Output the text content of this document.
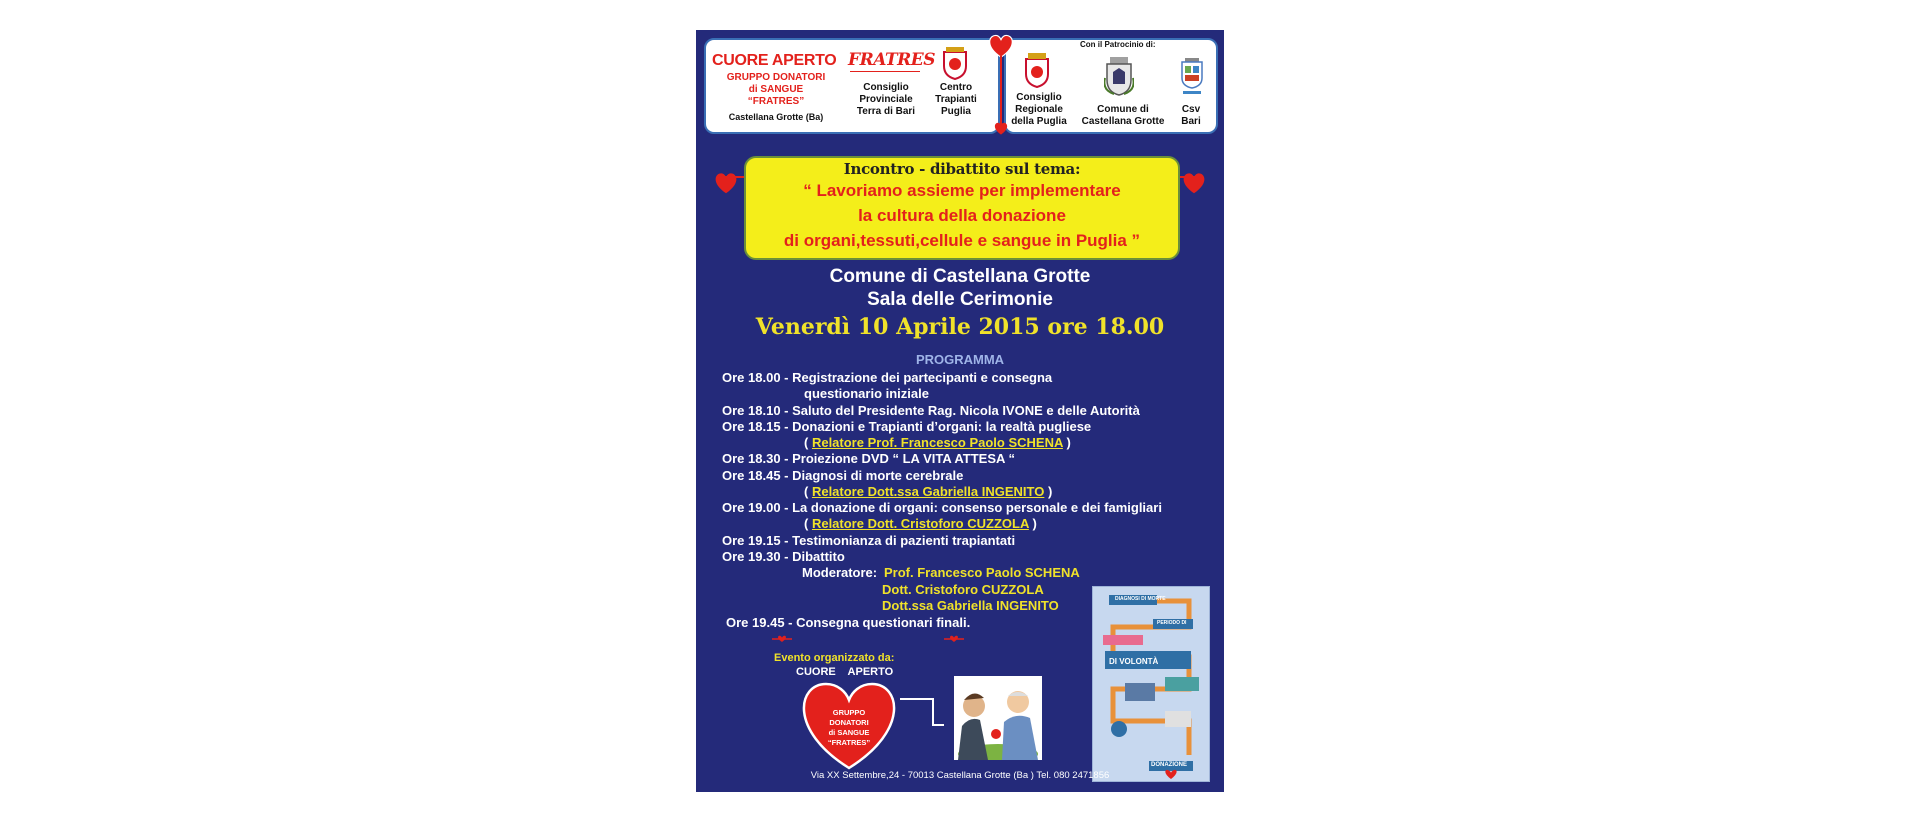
CUORE APERTO
GRUPPO DONATORI
di SANGUE
“FRATRES”
Castellana Grotte (Ba)
FRATRES
Consiglio
Provinciale
Terra di Bari
Centro
Trapianti
Puglia
Con il Patrocinio di:
Consiglio
Regionale
della Puglia
Comune di
Castellana Grotte
Csv
Bari
Incontro - dibattito sul tema:
“ Lavoriamo assieme per implementare
la cultura della donazione
di organi,tessuti,cellule e sangue in Puglia ”
Comune di Castellana Grotte
Sala delle Cerimonie
Venerdì 10 Aprile 2015 ore 18.00
PROGRAMMA
Ore 18.00 - Registrazione dei partecipanti e consegna
questionario iniziale
Ore 18.10 - Saluto del Presidente Rag. Nicola IVONE e delle Autorità
Ore 18.15 - Donazioni e Trapianti d’organi: la realtà pugliese
( Relatore Prof. Francesco Paolo SCHENA )
Ore 18.30 - Proiezione DVD “ LA VITA ATTESA “
Ore 18.45 - Diagnosi di morte cerebrale
( Relatore Dott.ssa Gabriella INGENITO )
Ore 19.00 - La donazione di organi: consenso personale e dei famigliari
( Relatore Dott. Cristoforo CUZZOLA )
Ore 19.15 - Testimonianza di pazienti trapiantati
Ore 19.30 - Dibattito
Moderatore: Prof. Francesco Paolo SCHENA
Dott. Cristoforo CUZZOLA
Dott.ssa Gabriella INGENITO
Ore 19.45 - Consegna questionari finali.
Evento organizzato da:
CUORE    APERTO
GRUPPO
DONATORI
di SANGUE
“FRATRES”
DIAGNOSI DI MORTE
PERIODO DI
DI VOLONTÀ
DONAZIONE
Via XX Settembre,24 - 70013 Castellana Grotte (Ba ) Tel. 080 2471856
